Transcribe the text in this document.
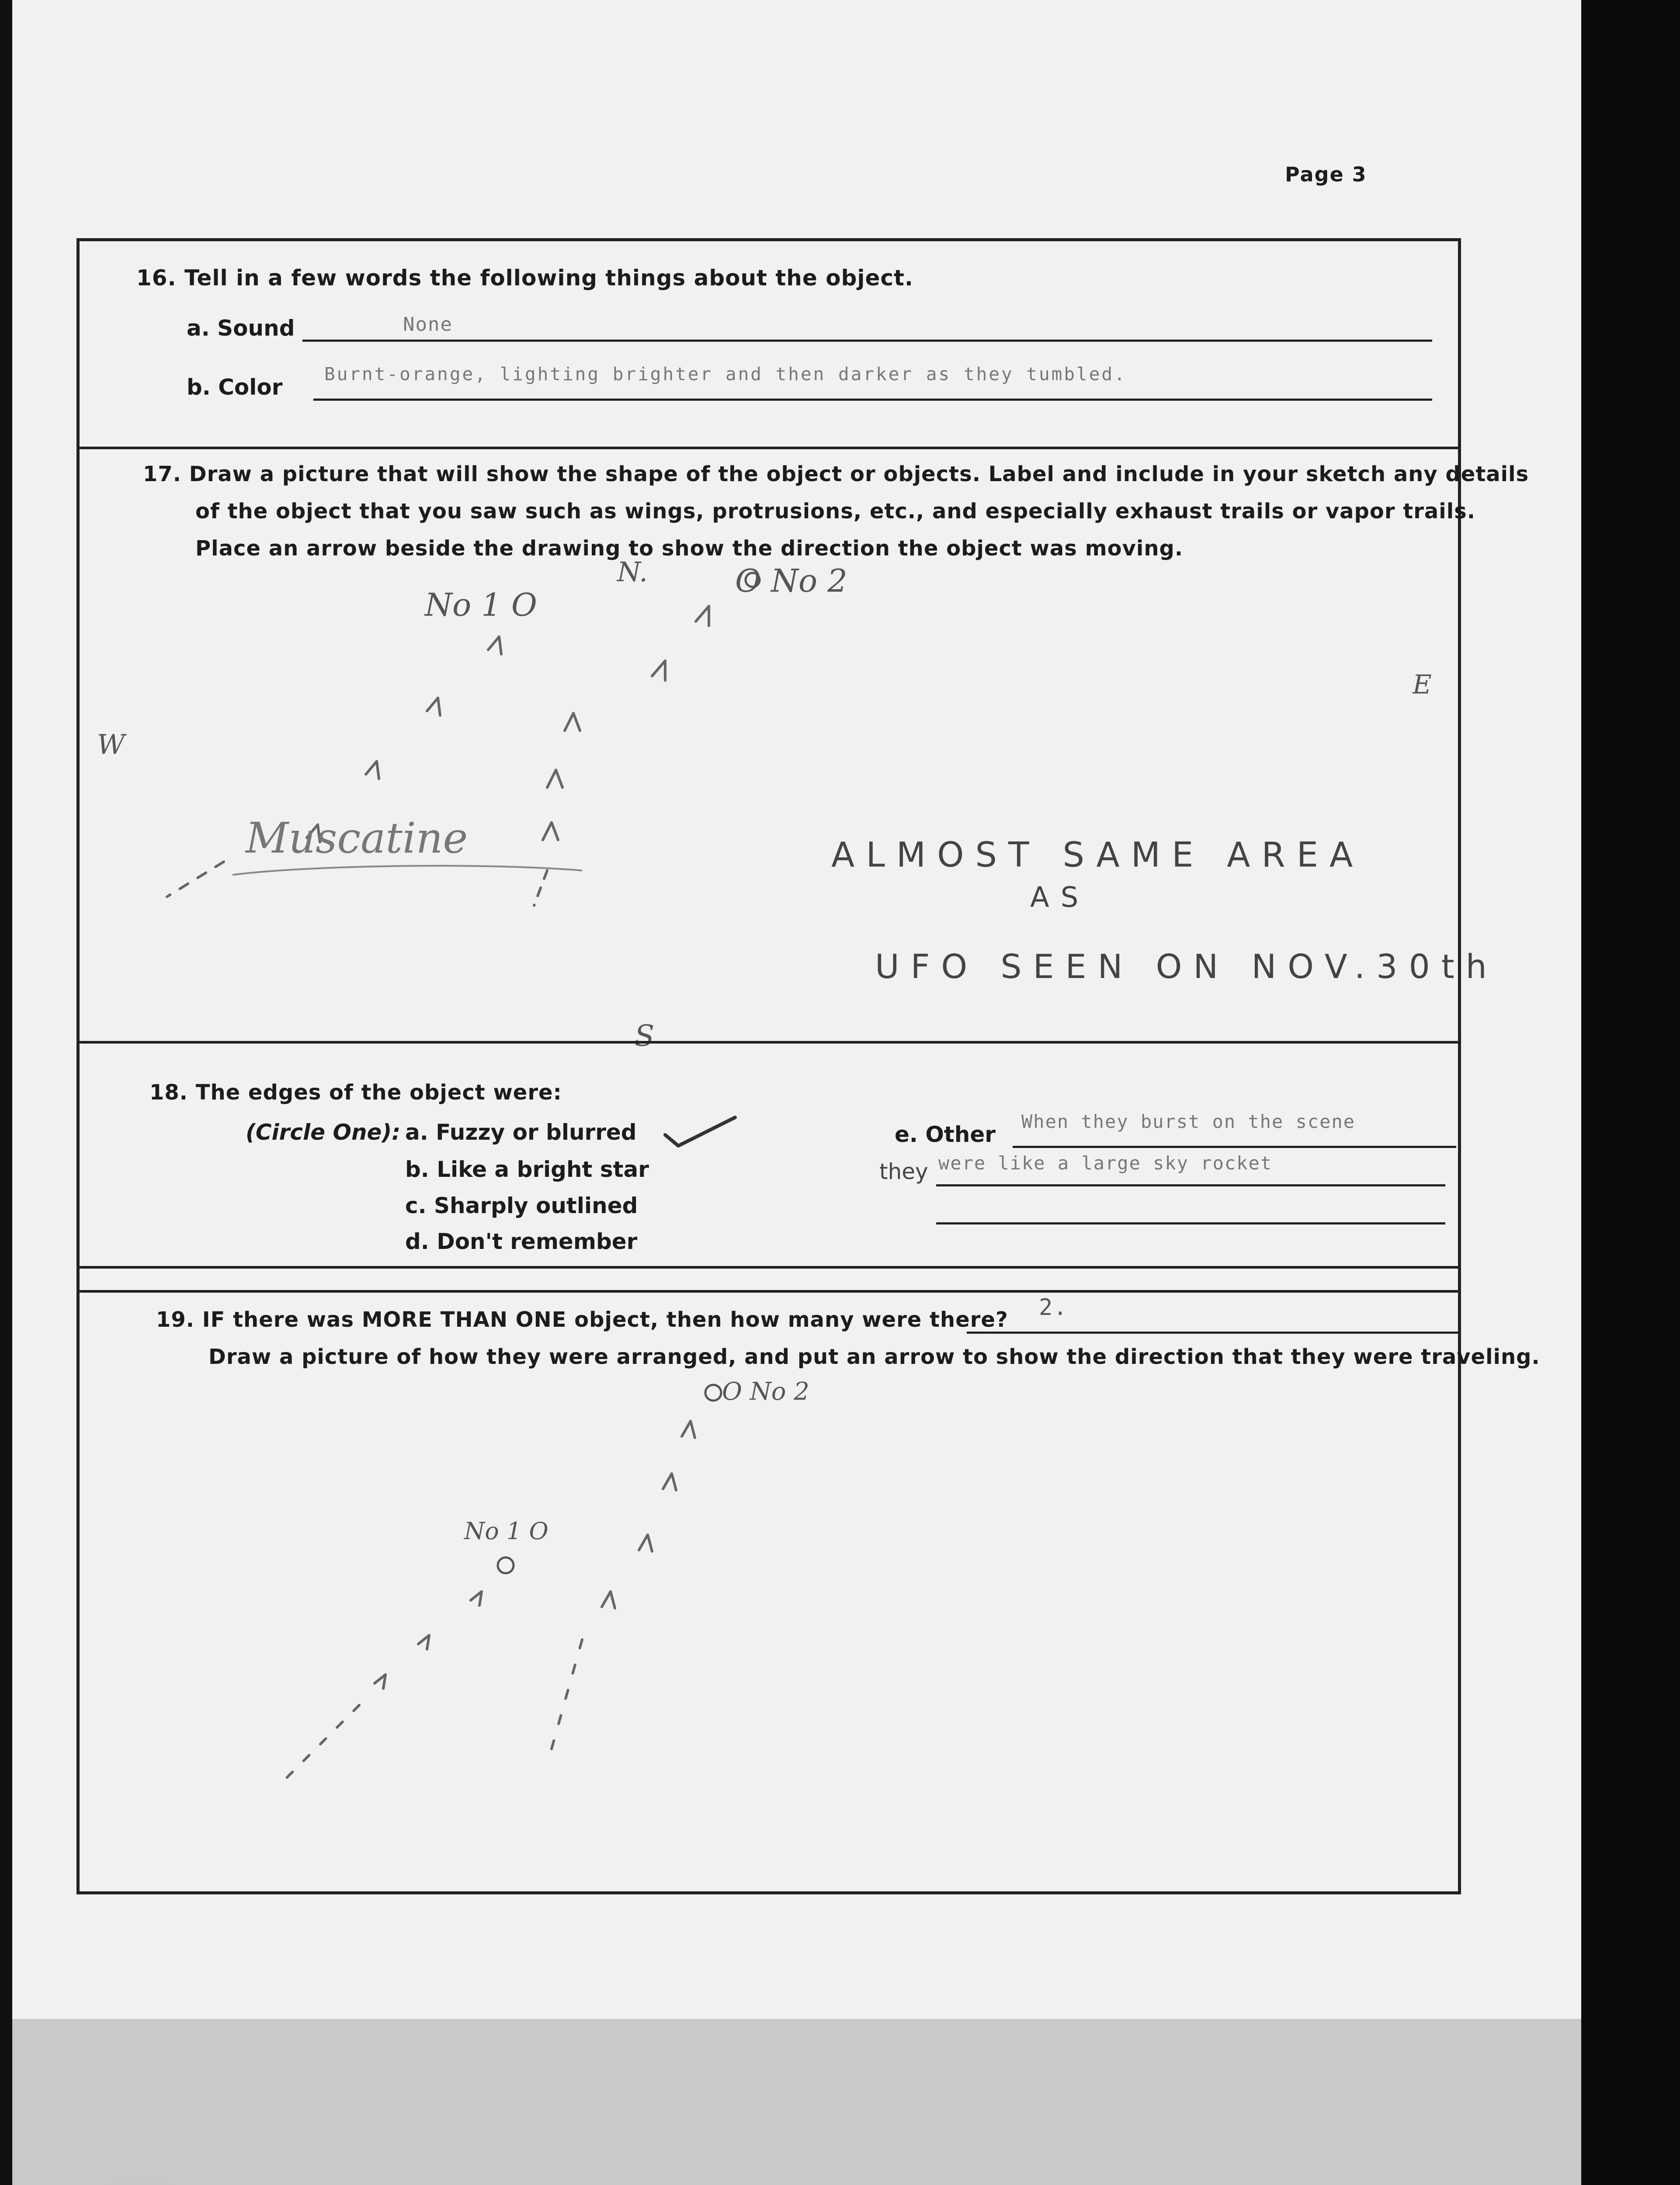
Page 3
16. Tell in a few words the following things about the object.
a. Sound	None
b. Color
Burnt-orange, lighting brighter and then darker as they tumbled.
17. Draw a picture that will show the shape of the object or objects. Label and include in your sketch any details
of the object that you saw such as wings, protrusions, etc., and especially exhaust trails or vapor trails.
Place an arrow beside the drawing to show the direction the object was moving.
No 1 O
O No 2
N.
W
E
S
Muscatine	ALMOST SAME AREA
AS
UFO SEEN ON NOV.30th
18. The edges of the object were:
(Circle One): a. Fuzzy or blurred
b. Like a bright star
c. Sharply outlined
d. Don't remember
e. Other
When they burst on the scene
they were like a large sky rocket
19. IF there was MORE THAN ONE object, then how many were there? 2.
Draw a picture of how they were arranged, and put an arrow to show the direction that they were traveling.
O No 2
No 1 O
